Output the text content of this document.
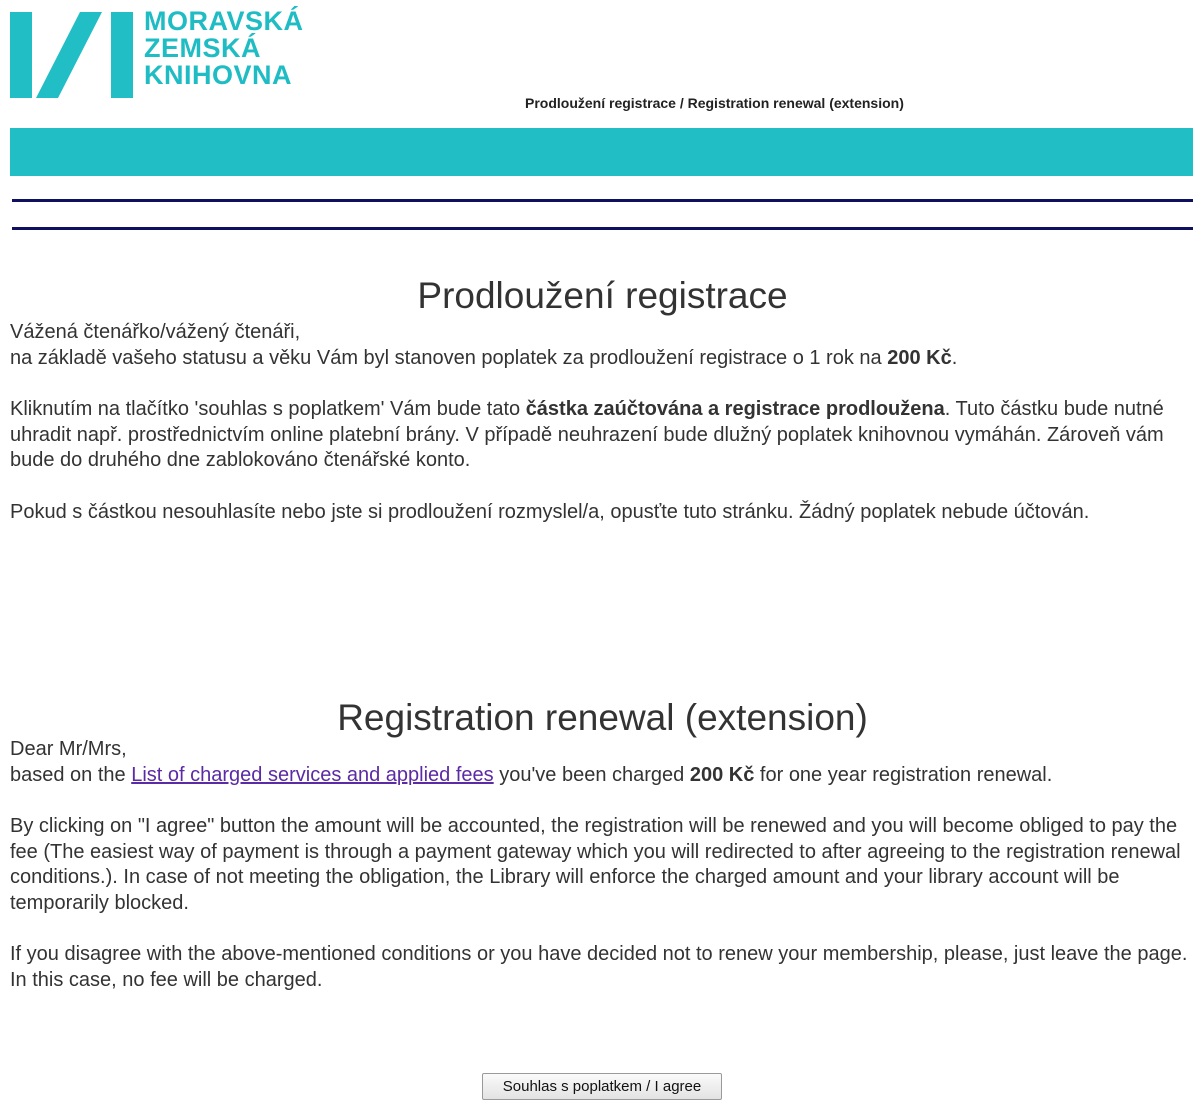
MORAVSKÁ
ZEMSKÁ
KNIHOVNA
Prodloužení registrace / Registration renewal (extension)
Prodloužení registrace

Vážená čtenářko/vážený čtenáři,
na základě vašeho statusu a věku Vám byl stanoven poplatek za prodloužení registrace o 1 rok na 200 Kč.

Kliknutím na tlačítko 'souhlas s poplatkem' Vám bude tato částka zaúčtována a registrace prodloužena. Tuto částku bude nutné uhradit např. prostřednictvím online platební brány. V případě neuhrazení bude dlužný poplatek knihovnou vymáhán. Zároveň vám bude do druhého dne zablokováno čtenářské konto.

Pokud s částkou nesouhlasíte nebo jste si prodloužení rozmyslel/a, opusťte tuto stránku. Žádný poplatek nebude účtován.

Registration renewal (extension)

Dear Mr/Mrs,
based on the List of charged services and applied fees you've been charged 200 Kč for one year registration renewal.

By clicking on "I agree" button the amount will be accounted, the registration will be renewed and you will become obliged to pay the fee (The easiest way of payment is through a payment gateway which you will redirected to after agreeing to the registration renewal conditions.). In case of not meeting the obligation, the Library will enforce the charged amount and your library account will be temporarily blocked.

If you disagree with the above-mentioned conditions or you have decided not to renew your membership, please, just leave the page. In this case, no fee will be charged.

Souhlas s poplatkem / I agree
